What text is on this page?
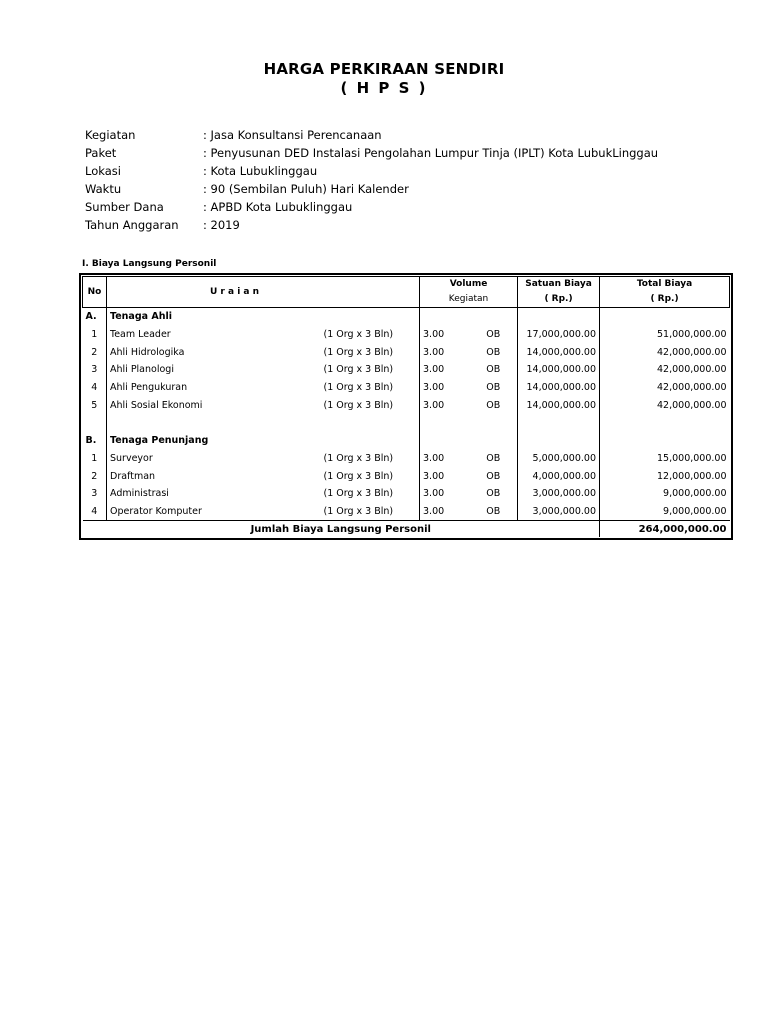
HARGA PERKIRAAN SENDIRI
( H P S )
Kegiatan	: Jasa Konsultansi Perencanaan
Paket	: Penyusunan DED Instalasi Pengolahan Lumpur Tinja (IPLT) Kota LubukLinggau
Lokasi	: Kota Lubuklinggau
Waktu	: 90 (Sembilan Puluh) Hari Kalender
Sumber Dana	: APBD Kota Lubuklinggau
Tahun Anggaran	: 2019
I. Biaya Langsung Personil
No	U r a i a n		Volume		Satuan Biaya	Total Biaya
			Kegiatan		( Rp.)	( Rp.)
A.	Tenaga Ahli					
1	Team Leader	(1 Org x 3 Bln)	3.00	OB	17,000,000.00	51,000,000.00
2	Ahli Hidrologika	(1 Org x 3 Bln)	3.00	OB	14,000,000.00	42,000,000.00
3	Ahli Planologi	(1 Org x 3 Bln)	3.00	OB	14,000,000.00	42,000,000.00
4	Ahli Pengukuran	(1 Org x 3 Bln)	3.00	OB	14,000,000.00	42,000,000.00
5	Ahli Sosial Ekonomi	(1 Org x 3 Bln)	3.00	OB	14,000,000.00	42,000,000.00

B.	Tenaga Penunjang					
1	Surveyor	(1 Org x 3 Bln)	3.00	OB	5,000,000.00	15,000,000.00
2	Draftman	(1 Org x 3 Bln)	3.00	OB	4,000,000.00	12,000,000.00
3	Administrasi	(1 Org x 3 Bln)	3.00	OB	3,000,000.00	9,000,000.00
4	Operator Komputer	(1 Org x 3 Bln)	3.00	OB	3,000,000.00	9,000,000.00
Jumlah Biaya Langsung Personil						264,000,000.00
